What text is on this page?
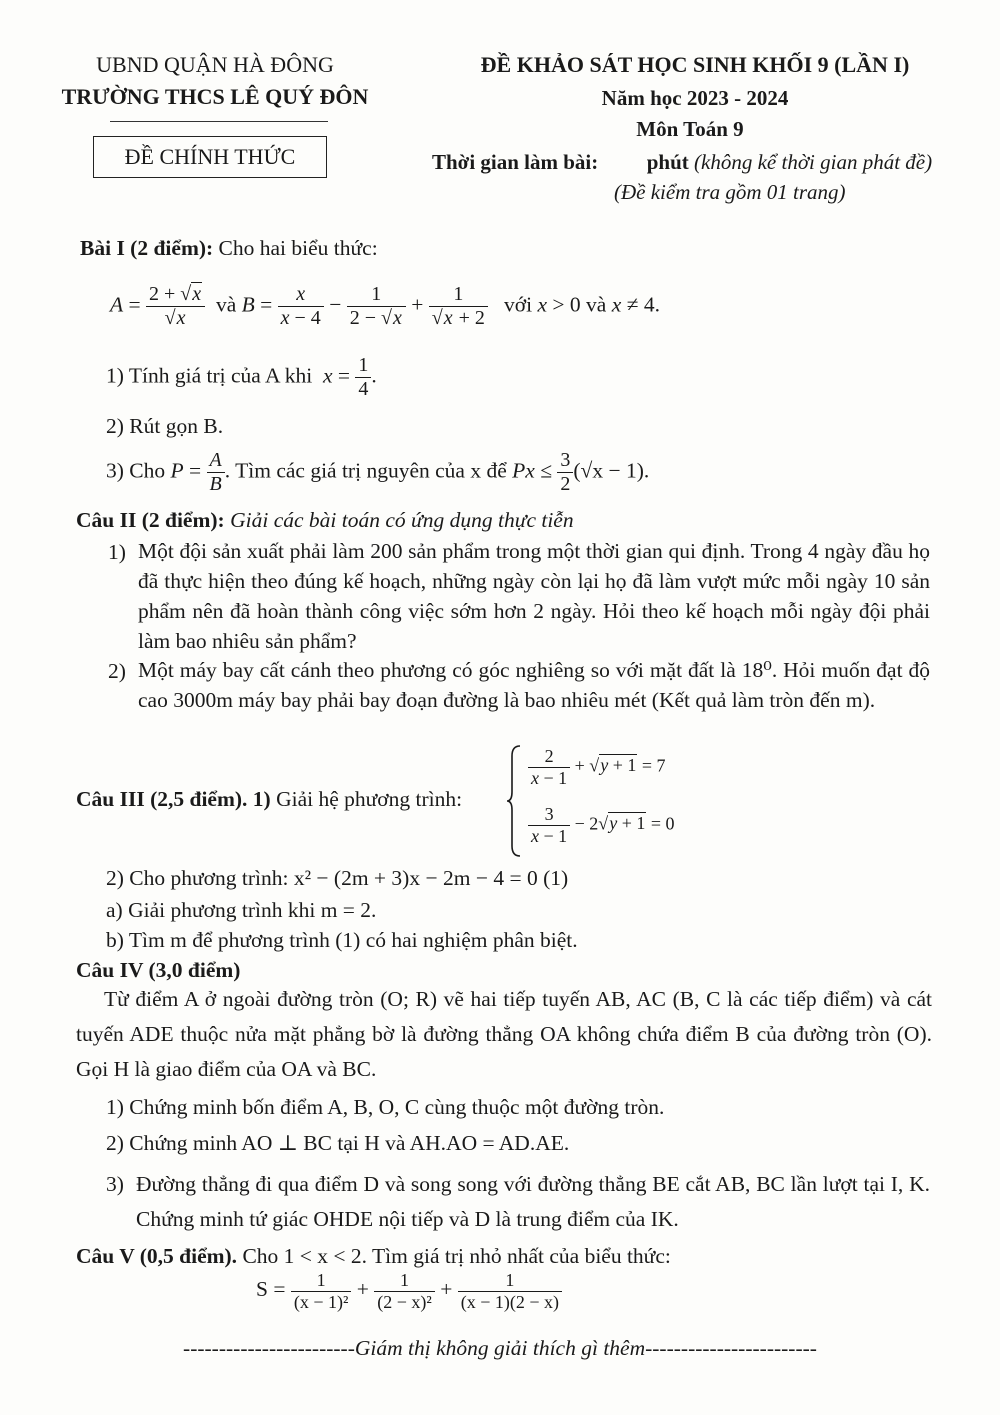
UBND QUẬN HÀ ĐÔNG
TRƯỜNG THCS LÊ QUÝ ĐÔN
ĐỀ CHÍNH THỨC
ĐỀ KHẢO SÁT HỌC SINH KHỐI 9 (LẦN I)
Năm học 2023 - 2024
Môn Toán 9
Thời gian làm bài: phút (không kể thời gian phát đề)
(Đề kiểm tra gồm 01 trang)
Bài I (2 điểm): Cho hai biểu thức:
$A = \frac{2 + √x}{√x}$ và $B = \frac{x}{x - 4} - \frac{1}{2 - √x} + \frac{1}{√x + 2}$ với x > 0 và x ≠ 4.
1) Tính giá trị của A khi $x = \frac{1}{4}$ .
2) Rút gọn B.
3) Cho $P = \frac{A}{B}$ . Tìm các giá trị nguyên của x để $Px \le \frac{3}{2} (√x - 1)$.
Câu II (2 điểm): Giải các bài toán có ứng dụng thực tiễn
1) Một đội sản xuất phải làm 200 sản phẩm trong một thời gian qui định. Trong 4 ngày đầu họ đã thực hiện theo đúng kế hoạch, những ngày còn lại họ đã làm vượt mức mỗi ngày 10 sản phẩm nên đã hoàn thành công việc sớm hơn 2 ngày. Hỏi theo kế hoạch mỗi ngày đội phải làm bao nhiêu sản phẩm?
2) Một máy bay cất cánh theo phương có góc nghiêng so với mặt đất là 18⁰. Hỏi muốn đạt độ cao 3000m máy bay phải bay đoạn đường là bao nhiêu mét (Kết quả làm tròn đến m).
Câu III (2,5 điểm). 1) Giải hệ phương trình:
$\frac{2}{x - 1} + √y + 1 = 7$
$\frac{3}{x - 1} - 2√y + 1 = 0$
2) Cho phương trình: x² − (2m + 3)x − 2m − 4 = 0 (1)
a) Giải phương trình khi m = 2.
b) Tìm m để phương trình (1) có hai nghiệm phân biệt.
Câu IV (3,0 điểm)
Từ điểm A ở ngoài đường tròn (O; R) vẽ hai tiếp tuyến AB, AC (B, C là các tiếp điểm) và cát tuyến ADE thuộc nửa mặt phẳng bờ là đường thẳng OA không chứa điểm B của đường tròn (O). Gọi H là giao điểm của OA và BC.
1) Chứng minh bốn điểm A, B, O, C cùng thuộc một đường tròn.
2) Chứng minh AO ⊥ BC tại H và AH.AO = AD.AE.
3) Đường thẳng đi qua điểm D và song song với đường thẳng BE cắt AB, BC lần lượt tại I, K. Chứng minh tứ giác OHDE nội tiếp và D là trung điểm của IK.
Câu V (0,5 điểm). Cho 1 < x < 2. Tìm giá trị nhỏ nhất của biểu thức:
$S = \frac{1}{\text{(x − 1)²}} + \frac{1}{\text{(2 − x)²}} + \frac{1}{(x - 1)(2 - x)}$
------------------------Giám thị không giải thích gì thêm------------------------
